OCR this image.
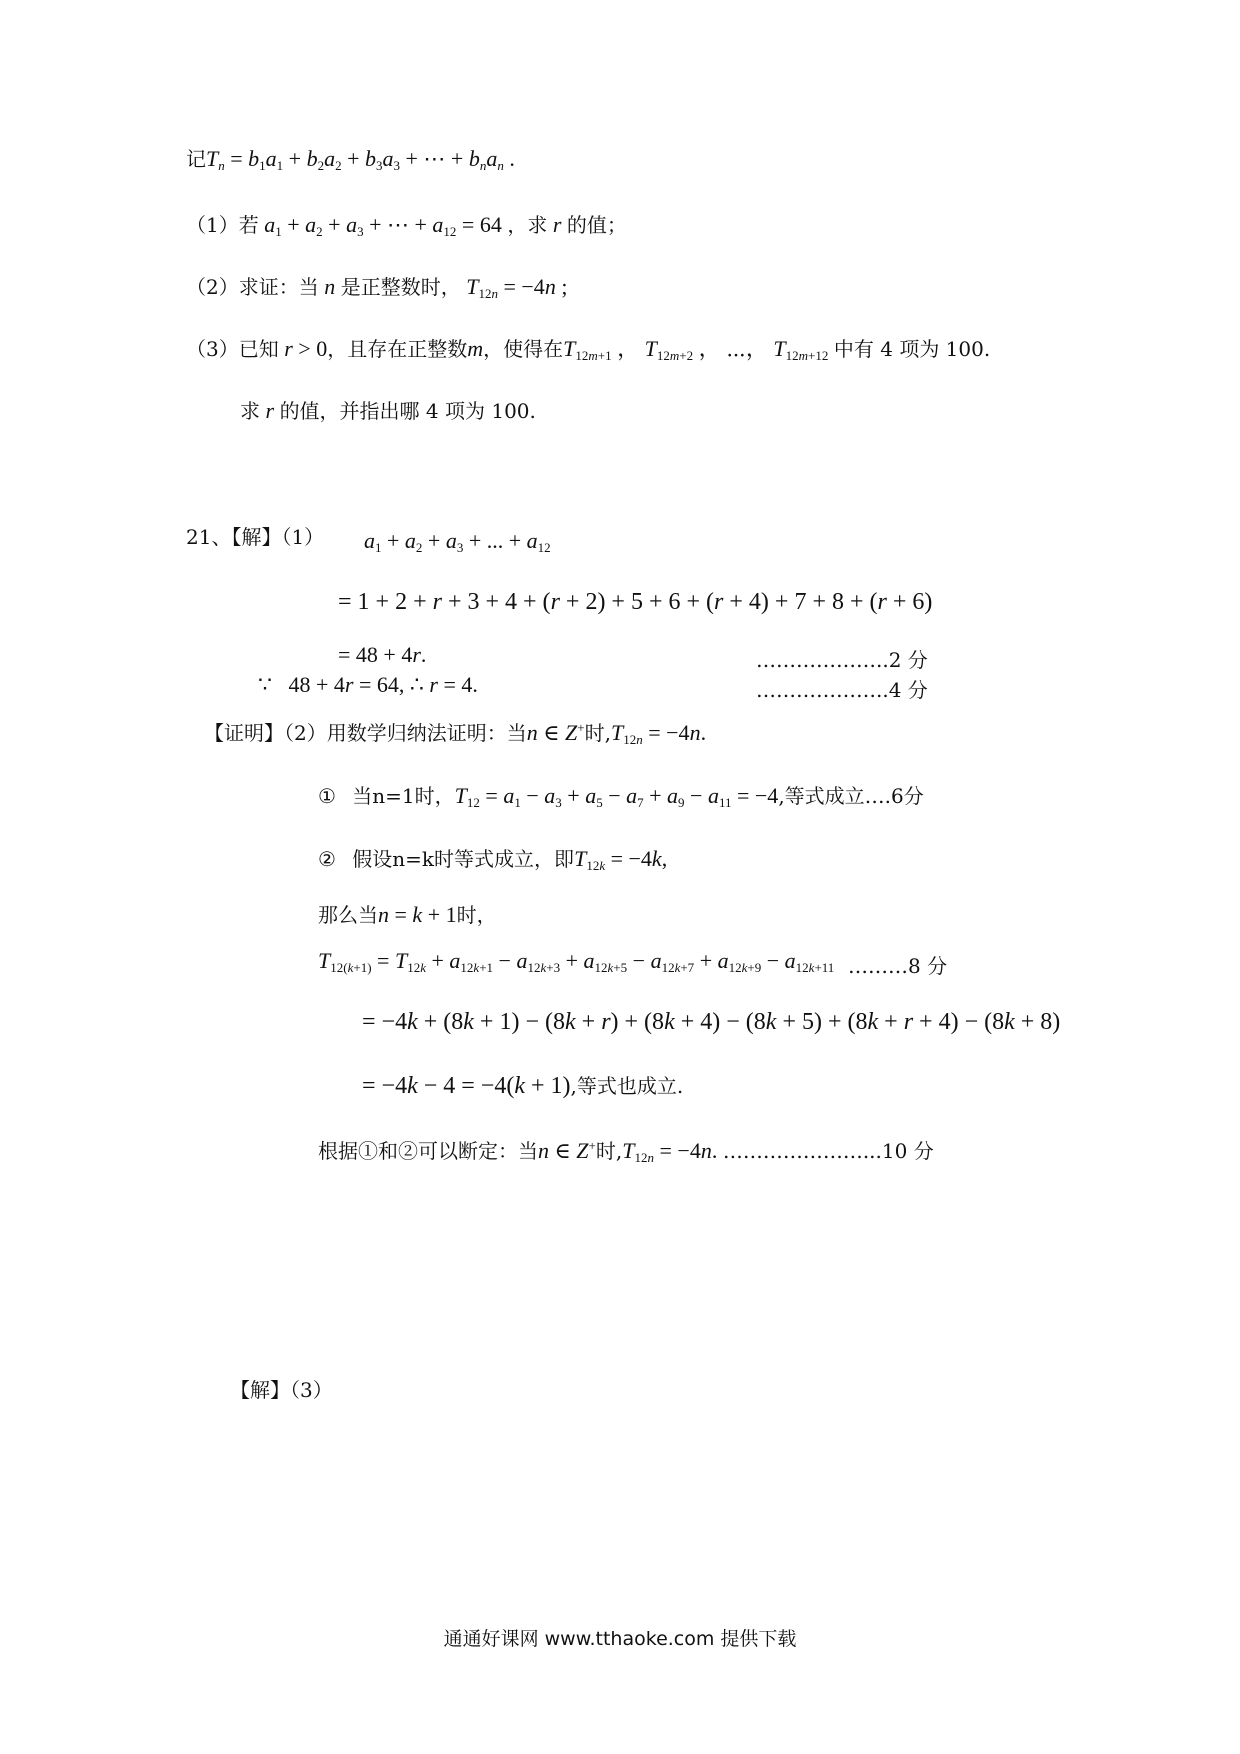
记$T_n = b_1a_1 + b_2a_2 + b_3a_3$ + ⋯ + $b_na_n$ .
（1）若 $a_1 + a_2 + a_3$ + ⋯ + $a_{12} = 64$ ，求 r 的值；
（2）求证：当 n 是正整数时， $T_{12n} = -4n$ ;
（3）已知 r > 0，且存在正整数m，使得在$T_{12m+1}$ ， $T_{12m+2}$ ， ⋯， $T_{12m+12}$ 中有 4 项为 100.
求 r 的值，并指出哪 4 项为 100.
21、【解】（1） $a_1 + a_2 + a_3$ + ... + $a_{12}$
= 1 + 2 + r + 3 + 4 + (r + 2) + 5 + 6 + (r + 4) + 7 + 8 + (r + 6)
= 48 + 4r.	………………..2 分
∵   48 + 4r = 64, ∴ r = 4.	………………..4 分
【证明】（2）用数学归纳法证明：当n ∈ Z+时$,T_{12n} = -4n$.
① 当n=1时，$T_{12} = a_1 - a_3 + a_5 - a_7 + a_9 - a_{11} = -4$,等式成立….6分
② 假设n=k时等式成立，即$T_{12k} = -4k$,
那么当n = k + 1时，
$T_{12(k+1)} = T_{12k} + a_{12k+1} - a_{12k+3} + a_{12k+5} - a_{12k+7} + a_{12k+9} - a_{12k+11}$ ………8 分
= −4k + (8k + 1) − (8k + r) + (8k + 4) − (8k + 5) + (8k + r + 4) − (8k + 8)
= −4k − 4 = −4(k + 1),等式也成立.
根据①和②可以断定：当n ∈ Z+时$,T_{12n} = -4n$. …………………...10 分
【解】（3）
通通好课网 www.tthaoke.com 提供下载
